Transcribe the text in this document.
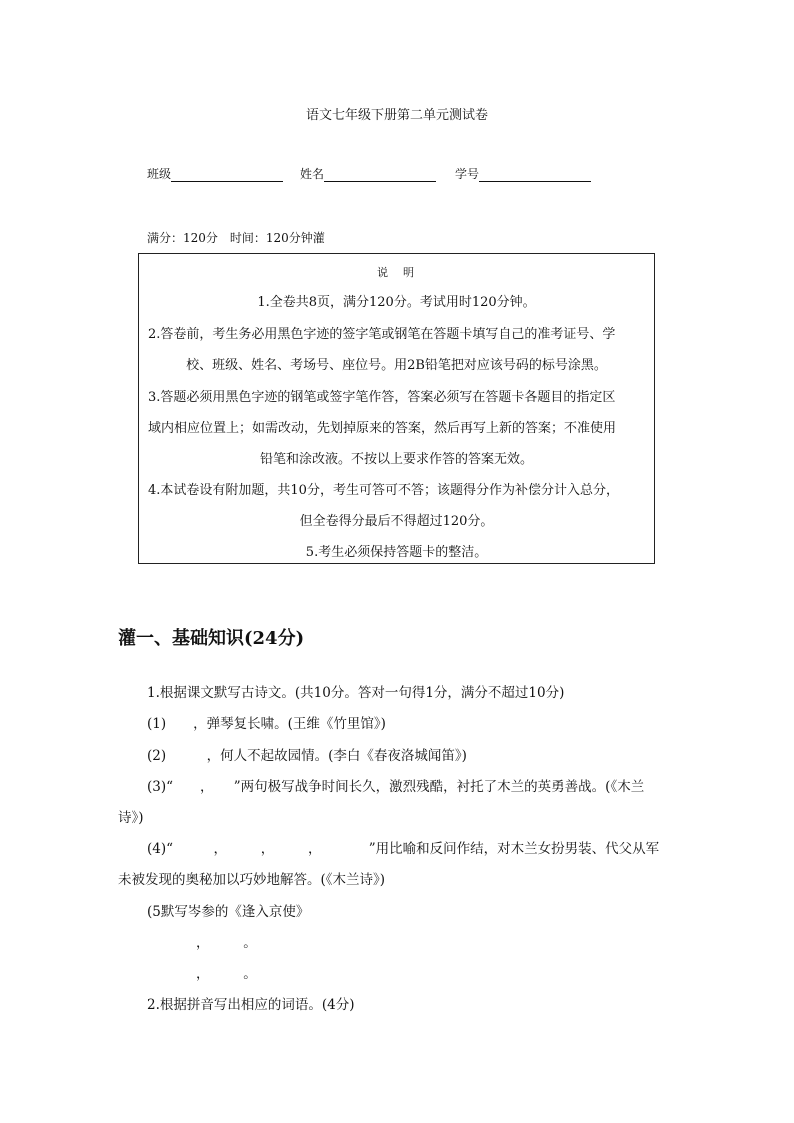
语文七年级下册第二单元测试卷
班级	姓名	学号
满分：120分　时间：120分钟灌
说　明
1.全卷共8页，满分120分。考试用时120分钟。
2.答卷前，考生务必用黑色字迹的签字笔或钢笔在答题卡填写自己的准考证号、学
校、班级、姓名、考场号、座位号。用2B铅笔把对应该号码的标号涂黑。
3.答题必须用黑色字迹的钢笔或签字笔作答，答案必须写在答题卡各题目的指定区
域内相应位置上；如需改动，先划掉原来的答案，然后再写上新的答案；不准使用
铅笔和涂改液。不按以上要求作答的答案无效。
4.本试卷设有附加题，共10分，考生可答可不答；该题得分作为补偿分计入总分，
但全卷得分最后不得超过120分。
5.考生必须保持答题卡的整洁。
灌一、基础知识(24分)
1.根据课文默写古诗文。(共10分。答对一句得1分，满分不超过10分)
(1)　　，弹琴复长啸。(王维《竹里馆》)
(2)　　　，何人不起故园情。(李白《春夜洛城闻笛》)
(3)“　　，　　”两句极写战争时间长久，激烈残酷，衬托了木兰的英勇善战。(《木兰
诗》)
(4)“　　　，　　　，　　　，　　　　”用比喻和反问作结，对木兰女扮男装、代父从军
未被发现的奥秘加以巧妙地解答。(《木兰诗》)
(5默写岑参的《逢入京使》
，　　　。
，　　　。
2.根据拼音写出相应的词语。(4分)
